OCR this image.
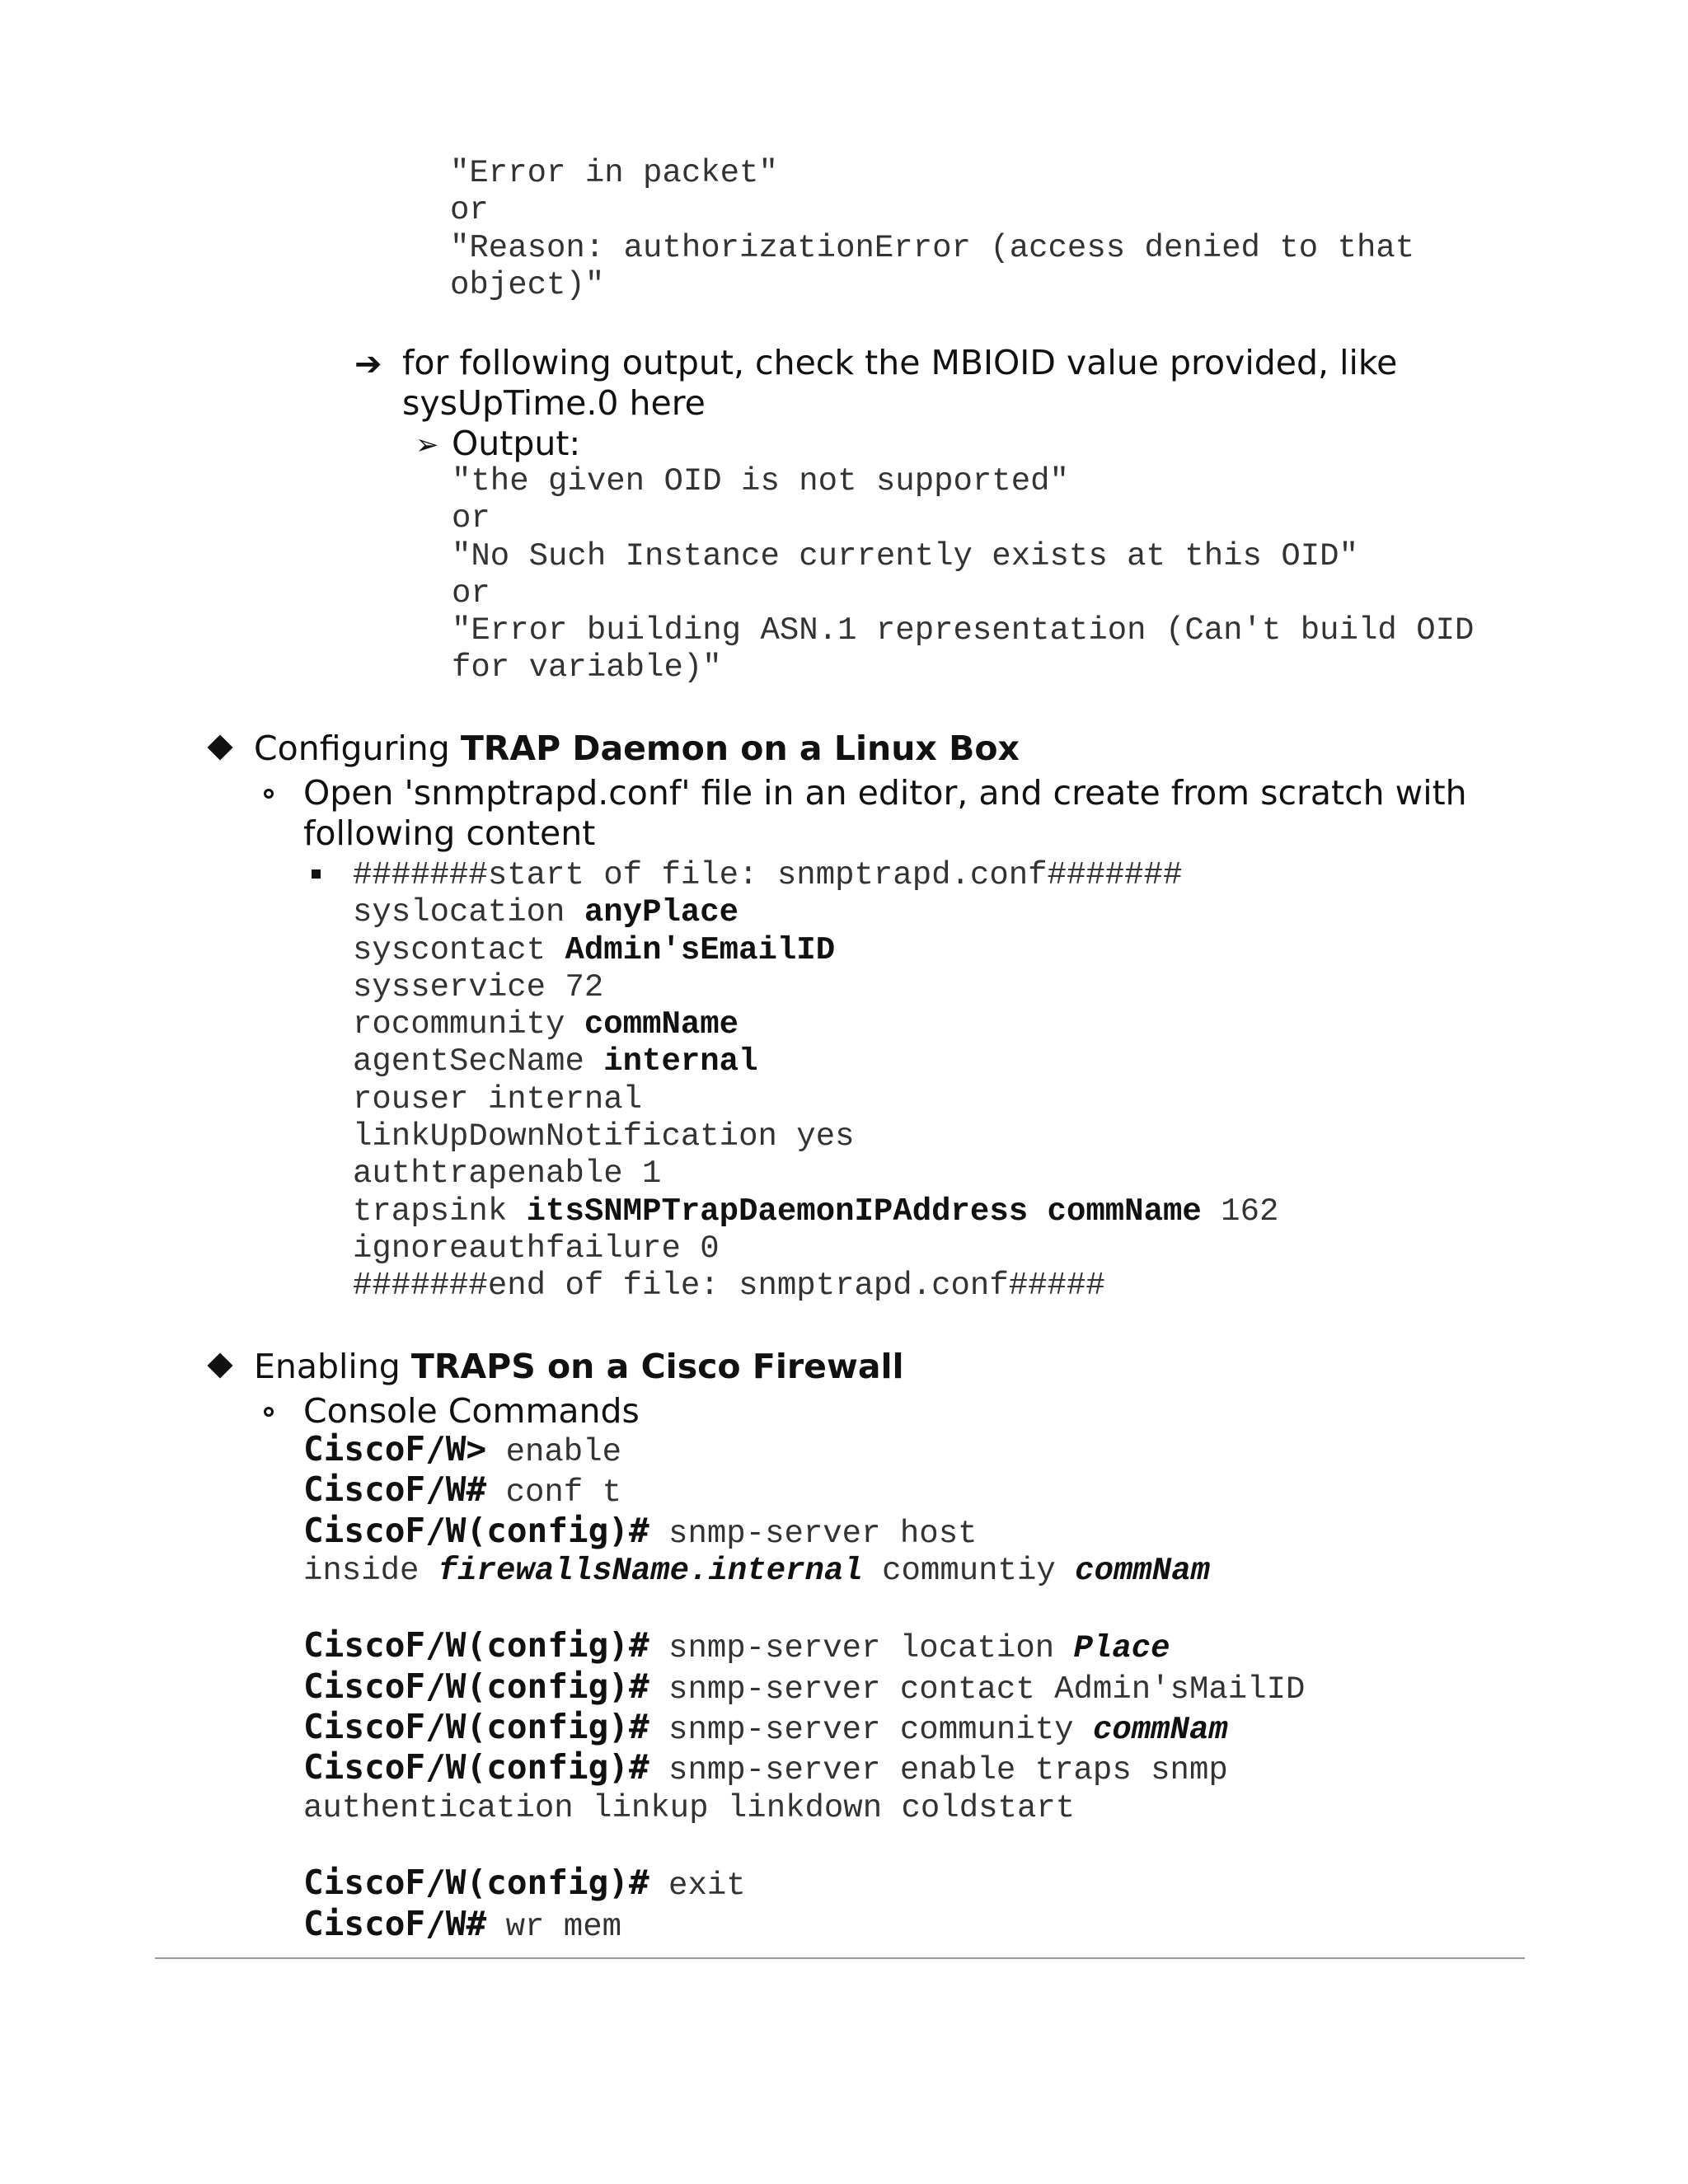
"Error in packet"
or
"Reason: authorizationError (access denied to that
object)"
➔ for following output, check the MBIOID value provided, like
sysUpTime.0 here
➢ Output:
"the given OID is not supported"
or
"No Such Instance currently exists at this OID"
or
"Error building ASN.1 representation (Can't build OID
for variable)"
Configuring TRAP Daemon on a Linux Box
Open 'snmptrapd.conf' file in an editor, and create from scratch with
following content
#######start of file: snmptrapd.conf#######
syslocation anyPlace
syscontact Admin'sEmailID
sysservice 72
rocommunity commName
agentSecName internal
rouser internal
linkUpDownNotification yes
authtrapenable 1
trapsink itsSNMPTrapDaemonIPAddress commName 162
ignoreauthfailure 0
#######end of file: snmptrapd.conf#####
Enabling TRAPS on a Cisco Firewall
Console Commands
CiscoF/W> enable
CiscoF/W# conf t
CiscoF/W(config)# snmp-server host
inside firewallsName.internal communtiy commNam

CiscoF/W(config)# snmp-server location Place
CiscoF/W(config)# snmp-server contact Admin'sMailID
CiscoF/W(config)# snmp-server community commNam
CiscoF/W(config)# snmp-server enable traps snmp
authentication linkup linkdown coldstart

CiscoF/W(config)# exit
CiscoF/W# wr mem
